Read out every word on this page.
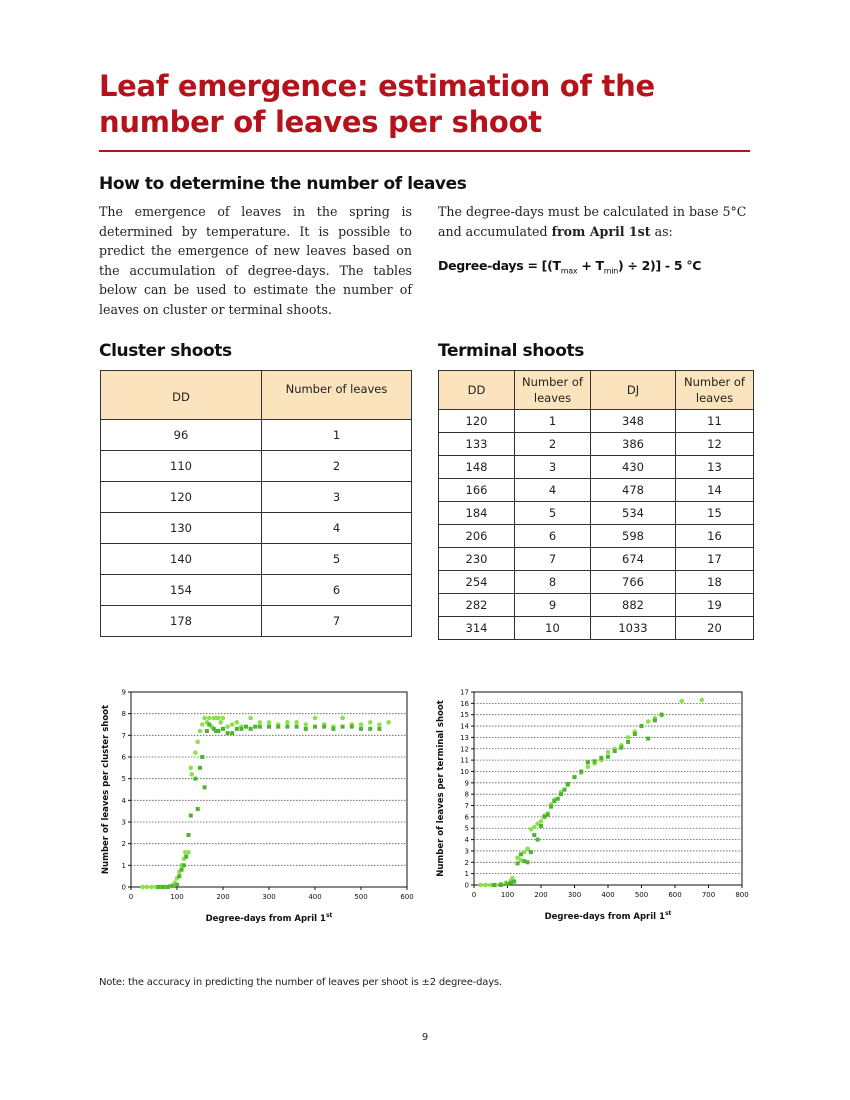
Leaf emergence: estimation of the number of leaves per shoot
How to determine the number of leaves

The emergence of leaves in the spring is determined by temperature. It is possible to predict the emergence of new leaves based on the accumulation of degree-days. The tables below can be used to estimate the number of leaves on cluster or terminal shoots.

The degree-days must be calculated in base 5°C and accumulated from April 1st as:

Degree-days = $[(T_{max} + T_{min}) \div 2)] - 5$ °C
Cluster shoots	Terminal shoots
DD	Number of leaves
96	1
110	2
120	3
130	4
140	5
154	6
178	7
DD	Number of leaves	DJ	Number of leaves
120	1	348	11
133	2	386	12
148	3	430	13
166	4	478	14
184	5	534	15
206	6	598	16
230	7	674	17
254	8	766	18
282	9	882	19
314	10	1033	20
0
1
2
3
4
5
6
7
8
9
0	100	200	300	400	500	600
Degree-days from April 1st
Number of leaves per cluster shoot
0
1
2
3
4
5
6
7
8
9
10
11
12
13
14
15
16
17
0	100	200	300	400	500	600	700	800
Degree-days from April 1st
Number of leaves per terminal shoot
Note: the accuracy in predicting the number of leaves per shoot is ±2 degree-days.
9
